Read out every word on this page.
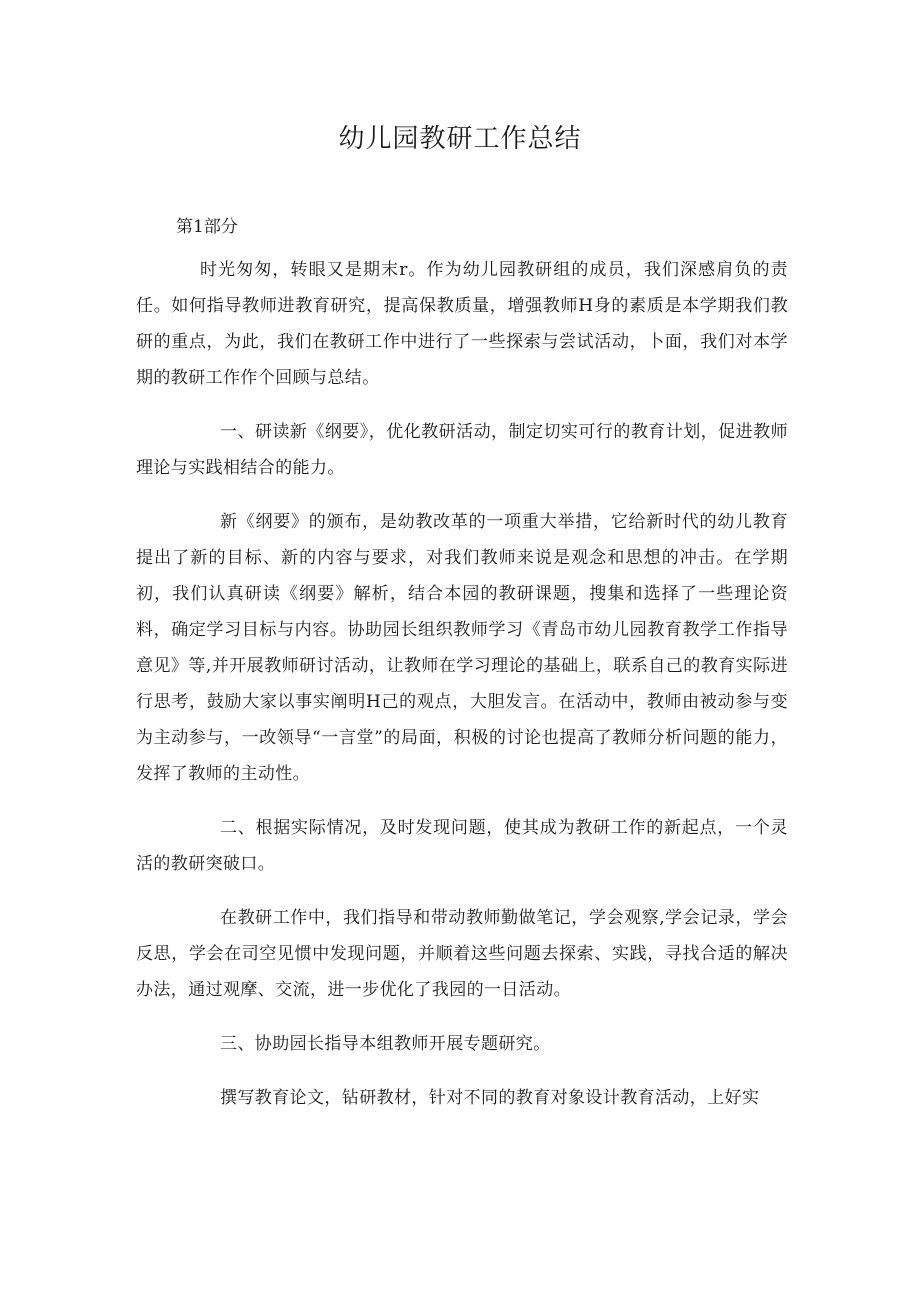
幼儿园教研工作总结

第1部分

时光匆匆，转眼又是期末r。作为幼儿园教研组的成员，我们深感肩负的责任。如何指导教师进教育研究，提高保教质量，增强教师H身的素质是本学期我们教研的重点，为此，我们在教研工作中进行了一些探索与尝试活动，卜面，我们对本学期的教研工作作个回顾与总结。

一、研读新《纲要》，优化教研活动，制定切实可行的教育计划，促进教师理论与实践相结合的能力。

新《纲要》的颁布，是幼教改革的一项重大举措，它给新时代的幼儿教育提出了新的目标、新的内容与要求，对我们教师来说是观念和思想的冲击。在学期初，我们认真研读《纲要》解析，结合本园的教研课题，搜集和选择了一些理论资料，确定学习目标与内容。协助园长组织教师学习《青岛市幼儿园教育教学工作指导意见》等,并开展教师研讨活动，让教师在学习理论的基础上，联系自己的教育实际进行思考，鼓励大家以事实阐明H己的观点，大胆发言。在活动中，教师由被动参与变为主动参与，一改领导“一言堂”的局面，积极的讨论也提高了教师分析问题的能力，发挥了教师的主动性。

二、根据实际情况，及时发现问题，使其成为教研工作的新起点，一个灵活的教研突破口。

在教研工作中，我们指导和带动教师勤做笔记，学会观察,学会记录，学会反思，学会在司空见惯中发现问题，并顺着这些问题去探索、实践，寻找合适的解决办法，通过观摩、交流，进一步优化了我园的一日活动。

三、协助园长指导本组教师开展专题研究。

撰写教育论文，钻研教材，针对不同的教育对象设计教育活动，上好实
